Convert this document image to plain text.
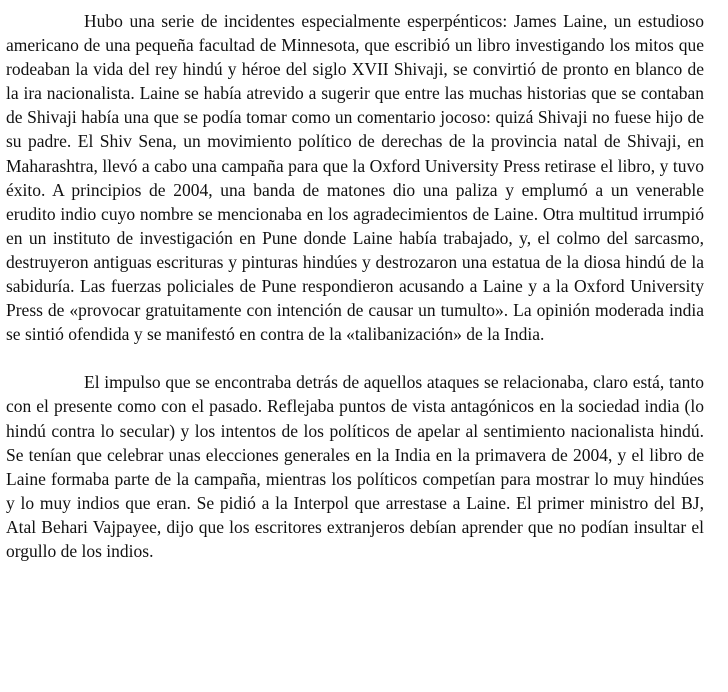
Hubo una serie de incidentes especialmente esperpénticos: James Laine, un estudioso americano de una pequeña facultad de Minnesota, que escribió un libro investigando los mitos que rodeaban la vida del rey hindú y héroe del siglo XVII Shivaji, se convirtió de pronto en blanco de la ira nacionalista. Laine se había atrevido a sugerir que entre las muchas historias que se contaban de Shivaji había una que se podía tomar como un comentario jocoso: quizá Shivaji no fuese hijo de su padre. El Shiv Sena, un movimiento político de derechas de la provincia natal de Shivaji, en Maharashtra, llevó a cabo una campaña para que la Oxford University Press retirase el libro, y tuvo éxito. A principios de 2004, una banda de matones dio una paliza y emplumó a un venerable erudito indio cuyo nombre se mencionaba en los agradecimientos de Laine. Otra multitud irrumpió en un instituto de investigación en Pune donde Laine había trabajado, y, el colmo del sarcasmo, destruyeron antiguas escrituras y pinturas hindúes y destrozaron una estatua de la diosa hindú de la sabiduría. Las fuerzas policiales de Pune respondieron acusando a Laine y a la Oxford University Press de «provocar gratuitamente con intención de causar un tumulto». La opinión moderada india se sintió ofendida y se manifestó en contra de la «talibanización» de la India.

El impulso que se encontraba detrás de aquellos ataques se relacionaba, claro está, tanto con el presente como con el pasado. Reflejaba puntos de vista antagónicos en la sociedad india (lo hindú contra lo secular) y los intentos de los políticos de apelar al sentimiento nacionalista hindú. Se tenían que celebrar unas elecciones generales en la India en la primavera de 2004, y el libro de Laine formaba parte de la campaña, mientras los políticos competían para mostrar lo muy hindúes y lo muy indios que eran. Se pidió a la Interpol que arrestase a Laine. El primer ministro del BJ, Atal Behari Vajpayee, dijo que los escritores extranjeros debían aprender que no podían insultar el orgullo de los indios.
